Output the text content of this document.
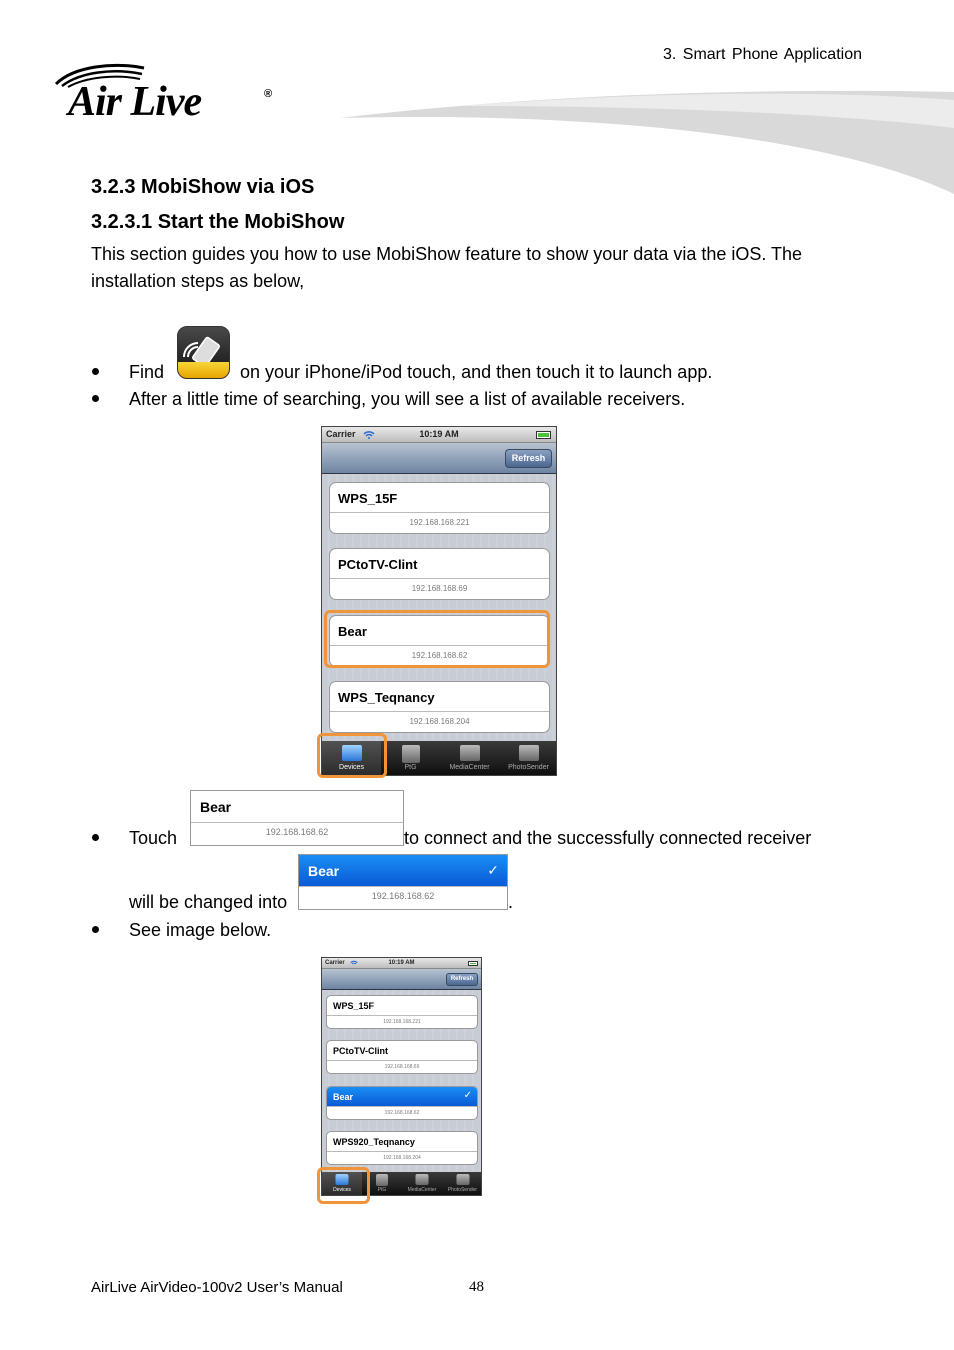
Air Live	®
3. Smart Phone Application
3.2.3 MobiShow via iOS
3.2.3.1 Start the MobiShow
This section guides you how to use MobiShow feature to show your data via the iOS. The installation steps as below,
Find	on your iPhone/iPod touch, and then touch it to launch app.
After a little time of searching, you will see a list of available receivers.
Carrier	10:19 AM
Refresh
WPS_15F
192.168.168.221
PCtoTV-Clint
192.168.168.69
Bear
192.168.168.62
WPS_Teqnancy
192.168.168.204
Devices	PtG	MediaCenter	PhotoSender
Touch
Bear
192.168.168.62	to connect and the successfully connected receiver
will be changed into
Bear	✓
192.168.168.62	.
See image below.
Carrier	10:19 AM
Refresh
WPS_15F
192.168.168.221
PCtoTV-Clint
192.168.168.69
Bear	✓
192.168.168.62
WPS920_Teqnancy
192.168.168.204
Devices	PtG	MediaCenter	PhotoSender
AirLive AirVideo-100v2 User’s Manual	48
